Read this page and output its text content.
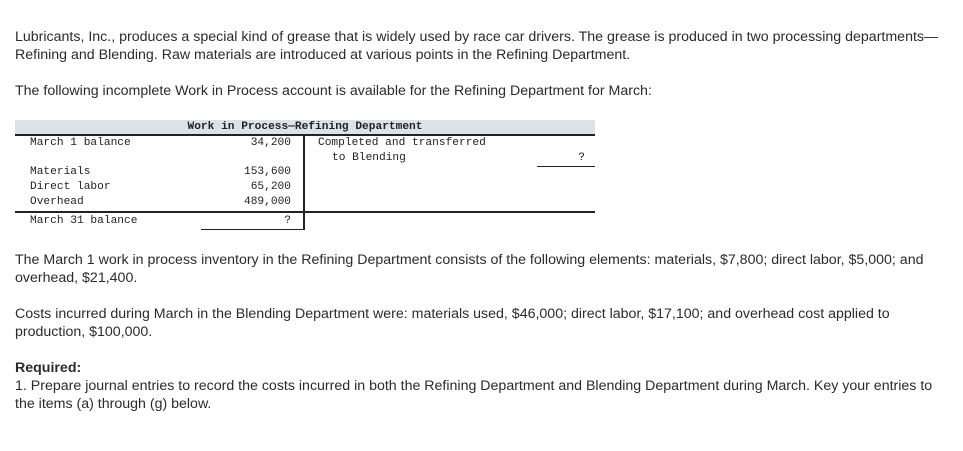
Lubricants, Inc., produces a special kind of grease that is widely used by race car drivers. The grease is produced in two processing departments—Refining and Blending. Raw materials are introduced at various points in the Refining Department.

The following incomplete Work in Process account is available for the Refining Department for March:

Work in Process—Refining Department
March 1 balance	34,200
Materials	153,600
Direct labor	65,200
Overhead	489,000
March 31 balance	?
Completed and transferred
to Blending	?

The March 1 work in process inventory in the Refining Department consists of the following elements: materials, $7,800; direct labor, $5,000; and overhead, $21,400.

Costs incurred during March in the Blending Department were: materials used, $46,000; direct labor, $17,100; and overhead cost applied to production, $100,000.

Required:

1. Prepare journal entries to record the costs incurred in both the Refining Department and Blending Department during March. Key your entries to the items (a) through (g) below.
